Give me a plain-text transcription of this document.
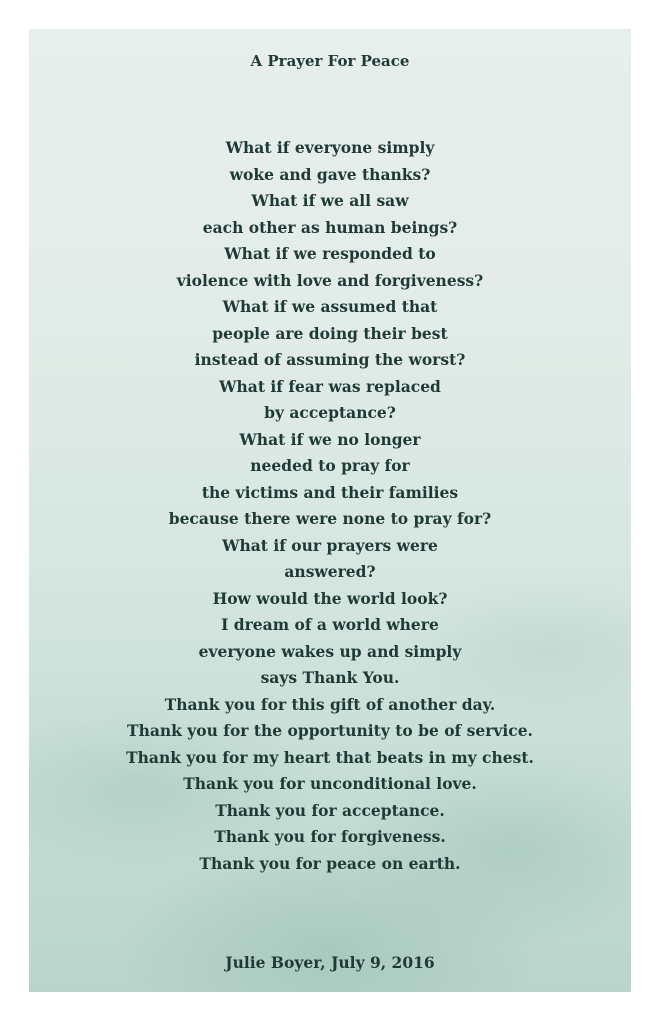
A Prayer For Peace
What if everyone simply
woke and gave thanks?
What if we all saw
each other as human beings?
What if we responded to
violence with love and forgiveness?
What if we assumed that
people are doing their best
instead of assuming the worst?
What if fear was replaced
by acceptance?
What if we no longer
needed to pray for
the victims and their families
because there were none to pray for?
What if our prayers were
answered?
How would the world look?
I dream of a world where
everyone wakes up and simply
says Thank You.
Thank you for this gift of another day.
Thank you for the opportunity to be of service.
Thank you for my heart that beats in my chest.
Thank you for unconditional love.
Thank you for acceptance.
Thank you for forgiveness.
Thank you for peace on earth.
Julie Boyer, July 9, 2016
